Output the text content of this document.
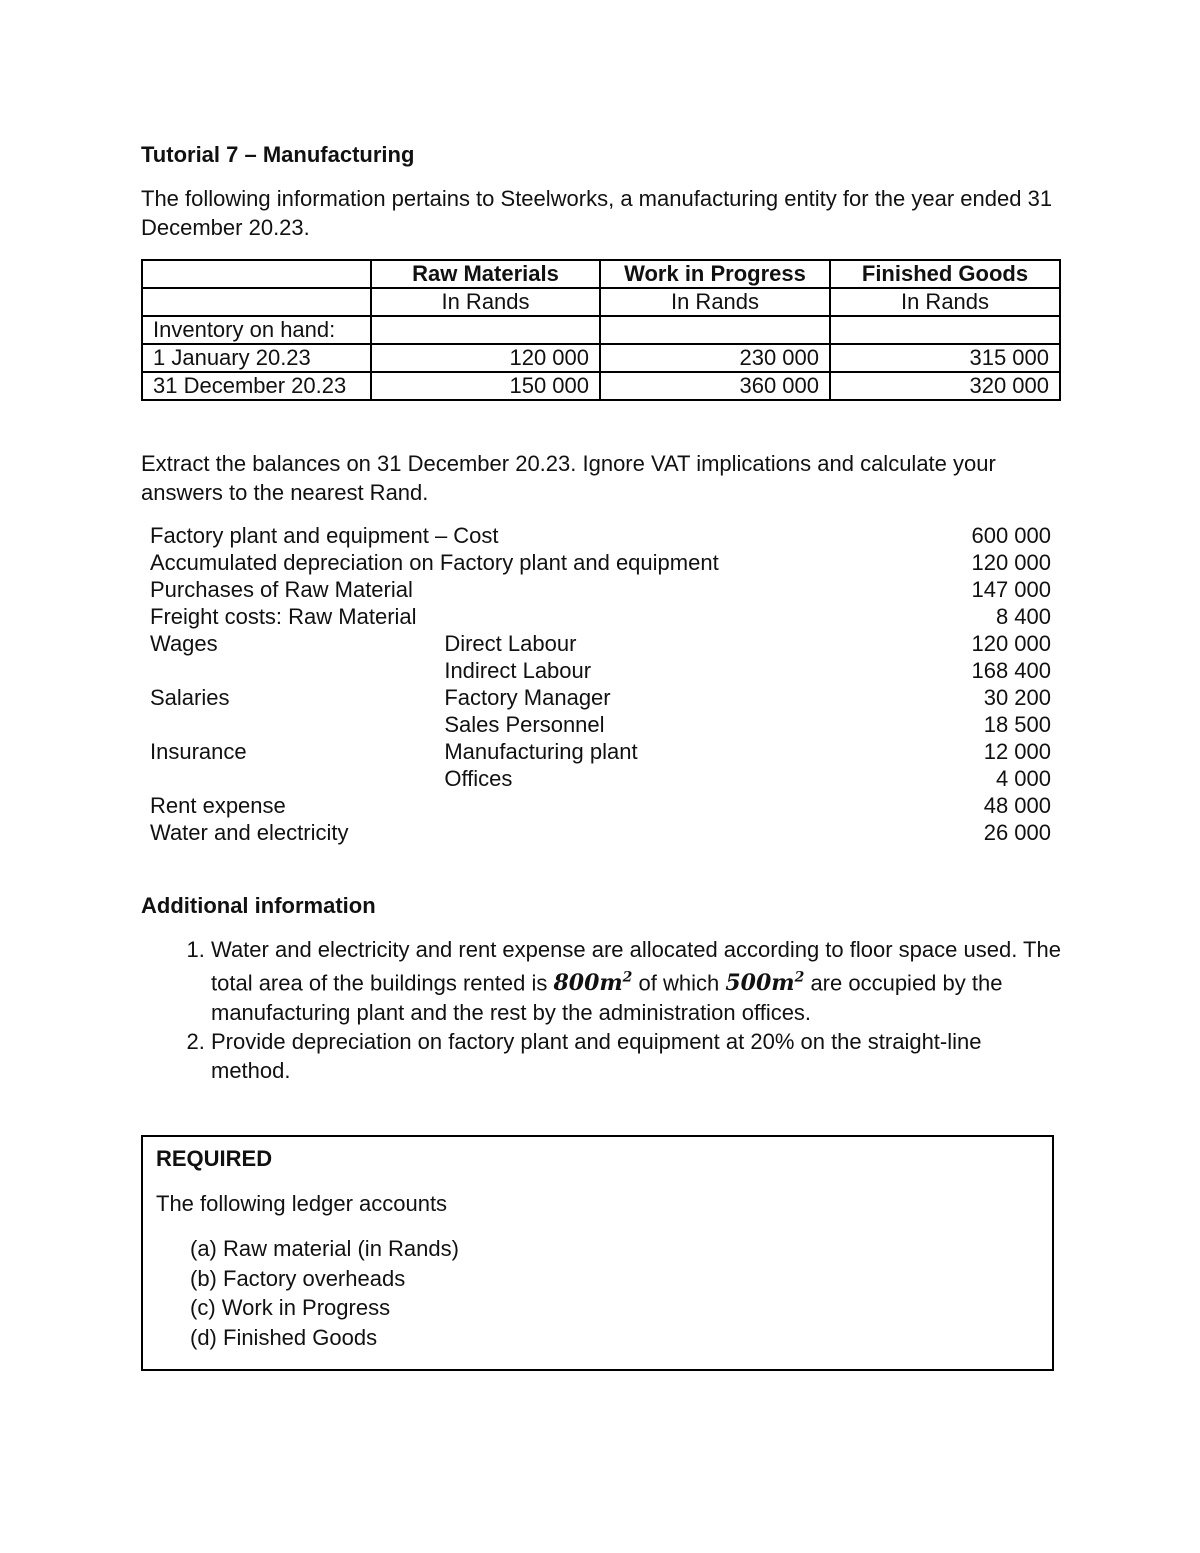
Tutorial 7 – Manufacturing

The following information pertains to Steelworks, a manufacturing entity for the year ended 31 December 20.23.

	Raw Materials	Work in Progress	Finished Goods
	In Rands	In Rands	In Rands
Inventory on hand:			
1 January 20.23	120 000	230 000	315 000
31 December 20.23	150 000	360 000	320 000

Extract the balances on 31 December 20.23. Ignore VAT implications and calculate your answers to the nearest Rand.

Factory plant and equipment – Cost		600 000
Accumulated depreciation on Factory plant and equipment		120 000
Purchases of Raw Material		147 000
Freight costs: Raw Material		8 400
Wages	Direct Labour	120 000
	Indirect Labour	168 400
Salaries	Factory Manager	30 200
	Sales Personnel	18 500
Insurance	Manufacturing plant	12 000
	Offices	4 000
Rent expense		48 000
Water and electricity		26 000

Additional information

1. Water and electricity and rent expense are allocated according to floor space used. The total area of the buildings rented is $800m^2$ of which $500m^2$ are occupied by the manufacturing plant and the rest by the administration offices.
2. Provide depreciation on factory plant and equipment at 20% on the straight-line method.

REQUIRED

The following ledger accounts

(a) Raw material (in Rands)
(b) Factory overheads
(c) Work in Progress
(d) Finished Goods
